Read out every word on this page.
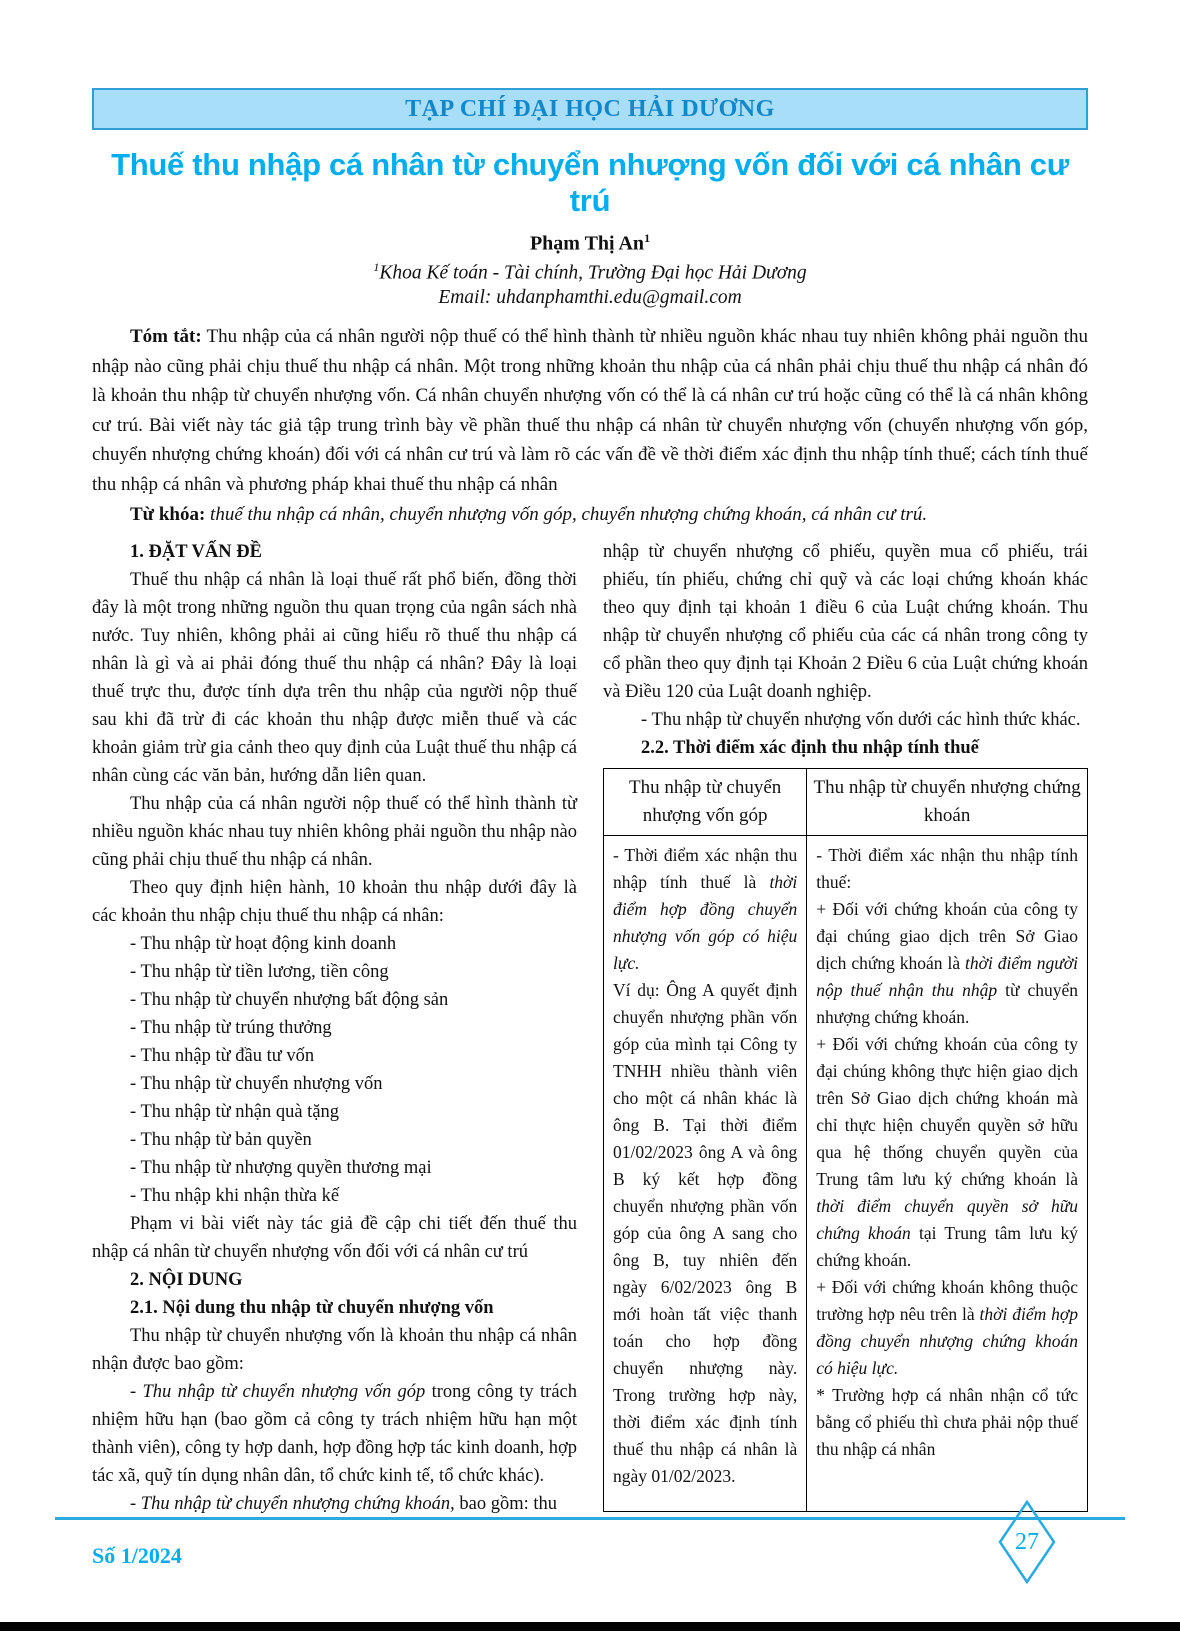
TẠP CHÍ ĐẠI HỌC HẢI DƯƠNG
Thuế thu nhập cá nhân từ chuyển nhượng vốn đối với cá nhân cư trú
Phạm Thị An$^1$
$^1$Khoa Kế toán - Tài chính, Trường Đại học Hải Dương
Email: uhdanphamthi.edu@gmail.com

Tóm tắt: Thu nhập của cá nhân người nộp thuế có thể hình thành từ nhiều nguồn khác nhau tuy nhiên không phải nguồn thu nhập nào cũng phải chịu thuế thu nhập cá nhân. Một trong những khoản thu nhập của cá nhân phải chịu thuế thu nhập cá nhân đó là khoản thu nhập từ chuyển nhượng vốn. Cá nhân chuyển nhượng vốn có thể là cá nhân cư trú hoặc cũng có thể là cá nhân không cư trú. Bài viết này tác giả tập trung trình bày về phần thuế thu nhập cá nhân từ chuyển nhượng vốn (chuyển nhượng vốn góp, chuyển nhượng chứng khoán) đối với cá nhân cư trú và làm rõ các vấn đề về thời điểm xác định thu nhập tính thuế; cách tính thuế thu nhập cá nhân và phương pháp khai thuế thu nhập cá nhân

Từ khóa: thuế thu nhập cá nhân, chuyển nhượng vốn góp, chuyển nhượng chứng khoán, cá nhân cư trú.

1. ĐẶT VẤN ĐỀ
Thuế thu nhập cá nhân là loại thuế rất phổ biến, đồng thời đây là một trong những nguồn thu quan trọng của ngân sách nhà nước. Tuy nhiên, không phải ai cũng hiểu rõ thuế thu nhập cá nhân là gì và ai phải đóng thuế thu nhập cá nhân? Đây là loại thuế trực thu, được tính dựa trên thu nhập của người nộp thuế sau khi đã trừ đi các khoản thu nhập được miễn thuế và các khoản giảm trừ gia cảnh theo quy định của Luật thuế thu nhập cá nhân cùng các văn bản, hướng dẫn liên quan.
Thu nhập của cá nhân người nộp thuế có thể hình thành từ nhiều nguồn khác nhau tuy nhiên không phải nguồn thu nhập nào cũng phải chịu thuế thu nhập cá nhân.
Theo quy định hiện hành, 10 khoản thu nhập dưới đây là các khoản thu nhập chịu thuế thu nhập cá nhân:
- Thu nhập từ hoạt động kinh doanh
- Thu nhập từ tiền lương, tiền công
- Thu nhập từ chuyển nhượng bất động sản
- Thu nhập từ trúng thưởng
- Thu nhập từ đầu tư vốn
- Thu nhập từ chuyển nhượng vốn
- Thu nhập từ nhận quà tặng
- Thu nhập từ bản quyền
- Thu nhập từ nhượng quyền thương mại
- Thu nhập khi nhận thừa kế
Phạm vi bài viết này tác giả đề cập chi tiết đến thuế thu nhập cá nhân từ chuyển nhượng vốn đối với cá nhân cư trú
2. NỘI DUNG
2.1. Nội dung thu nhập từ chuyển nhượng vốn
Thu nhập từ chuyển nhượng vốn là khoản thu nhập cá nhân nhận được bao gồm:
- Thu nhập từ chuyển nhượng vốn góp trong công ty trách nhiệm hữu hạn (bao gồm cả công ty trách nhiệm hữu hạn một thành viên), công ty hợp danh, hợp đồng hợp tác kinh doanh, hợp tác xã, quỹ tín dụng nhân dân, tổ chức kinh tế, tổ chức khác).
- Thu nhập từ chuyển nhượng chứng khoán, bao gồm: thu
nhập từ chuyển nhượng cổ phiếu, quyền mua cổ phiếu, trái phiếu, tín phiếu, chứng chỉ quỹ và các loại chứng khoán khác theo quy định tại khoản 1 điều 6 của Luật chứng khoán. Thu nhập từ chuyển nhượng cổ phiếu của các cá nhân trong công ty cổ phần theo quy định tại Khoản 2 Điều 6 của Luật chứng khoán và Điều 120 của Luật doanh nghiệp.
- Thu nhập từ chuyển nhượng vốn dưới các hình thức khác.
2.2. Thời điểm xác định thu nhập tính thuế
Thu nhập từ chuyển nhượng vốn góp	Thu nhập từ chuyển nhượng chứng khoán

- Thời điểm xác nhận thu nhập tính thuế là thời điểm hợp đồng chuyển nhượng vốn góp có hiệu lực.
Ví dụ: Ông A quyết định chuyển nhượng phần vốn góp của mình tại Công ty TNHH nhiều thành viên cho một cá nhân khác là ông B. Tại thời điểm 01/02/2023 ông A và ông B ký kết hợp đồng chuyển nhượng phần vốn góp của ông A sang cho ông B, tuy nhiên đến ngày 6/02/2023 ông B mới hoàn tất việc thanh toán cho hợp đồng chuyển nhượng này. Trong trường hợp này, thời điểm xác định tính thuế thu nhập cá nhân là ngày 01/02/2023.

- Thời điểm xác nhận thu nhập tính thuế:
+ Đối với chứng khoán của công ty đại chúng giao dịch trên Sở Giao dịch chứng khoán là thời điểm người nộp thuế nhận thu nhập từ chuyển nhượng chứng khoán.
+ Đối với chứng khoán của công ty đại chúng không thực hiện giao dịch trên Sở Giao dịch chứng khoán mà chỉ thực hiện chuyển quyền sở hữu qua hệ thống chuyển quyền của Trung tâm lưu ký chứng khoán là thời điểm chuyển quyền sở hữu chứng khoán tại Trung tâm lưu ký chứng khoán.
+ Đối với chứng khoán không thuộc trường hợp nêu trên là thời điểm hợp đồng chuyển nhượng chứng khoán có hiệu lực.
* Trường hợp cá nhân nhận cổ tức bằng cổ phiếu thì chưa phải nộp thuế thu nhập cá nhân
Số 1/2024
27
